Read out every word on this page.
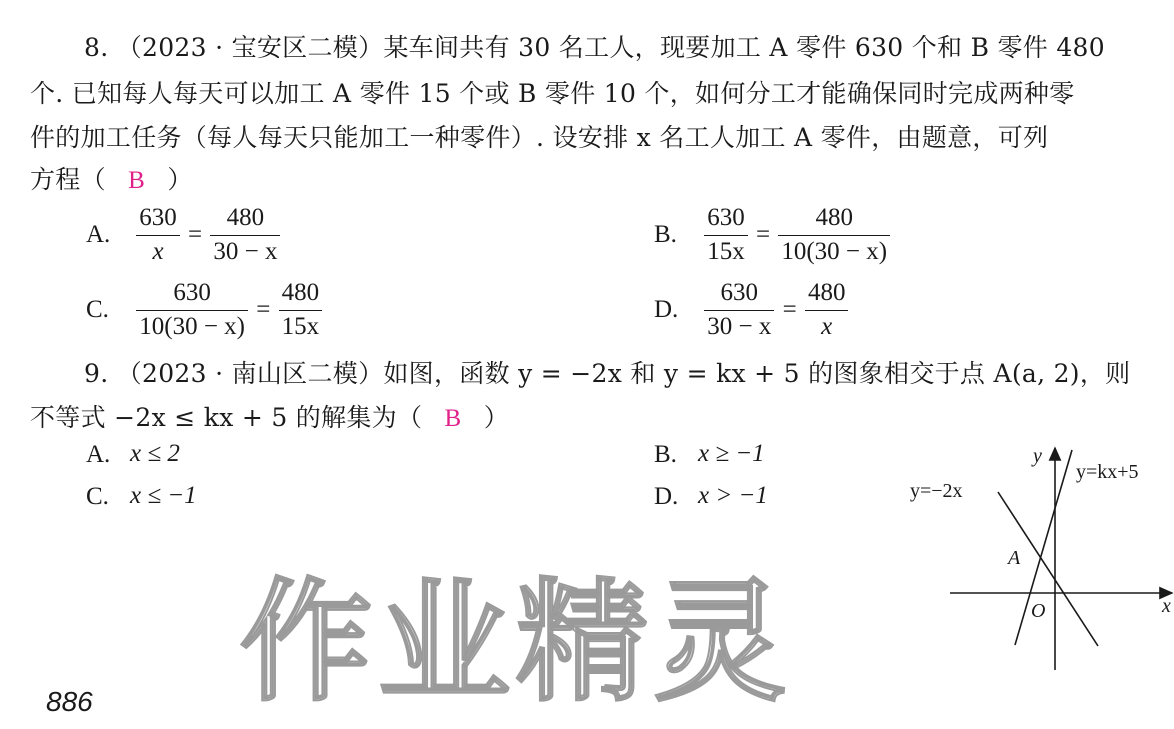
8. （2023 · 宝安区二模）某车间共有 30 名工人，现要加工 A 零件 630 个和 B 零件 480
个. 已知每人每天可以加工 A 零件 15 个或 B 零件 10 个，如何分工才能确保同时完成两种零
件的加工任务（每人每天只能加工一种零件）. 设安排 x 名工人加工 A 零件，由题意，可列
方程（ B ）
A. $\frac{630}{x} = \frac{480}{30 - x}$	B. $\frac{630}{15x} = \frac{480}{10(30 - x)}$
C. $\frac{630}{10(30 - x)} = \frac{480}{15x}$	D. $\frac{630}{30 - x} = \frac{480}{x}$
9. （2023 · 南山区二模）如图，函数 y = −2x 和 y = kx + 5 的图象相交于点 A(a, 2)，则
不等式 −2x ≤ kx + 5 的解集为（ B ）
A. x ≤ 2	B. x ≥ −1
C. x ≤ −1	D. x > −1
y
x
y=−2x
y=kx+5
A
O
作业精灵
886
